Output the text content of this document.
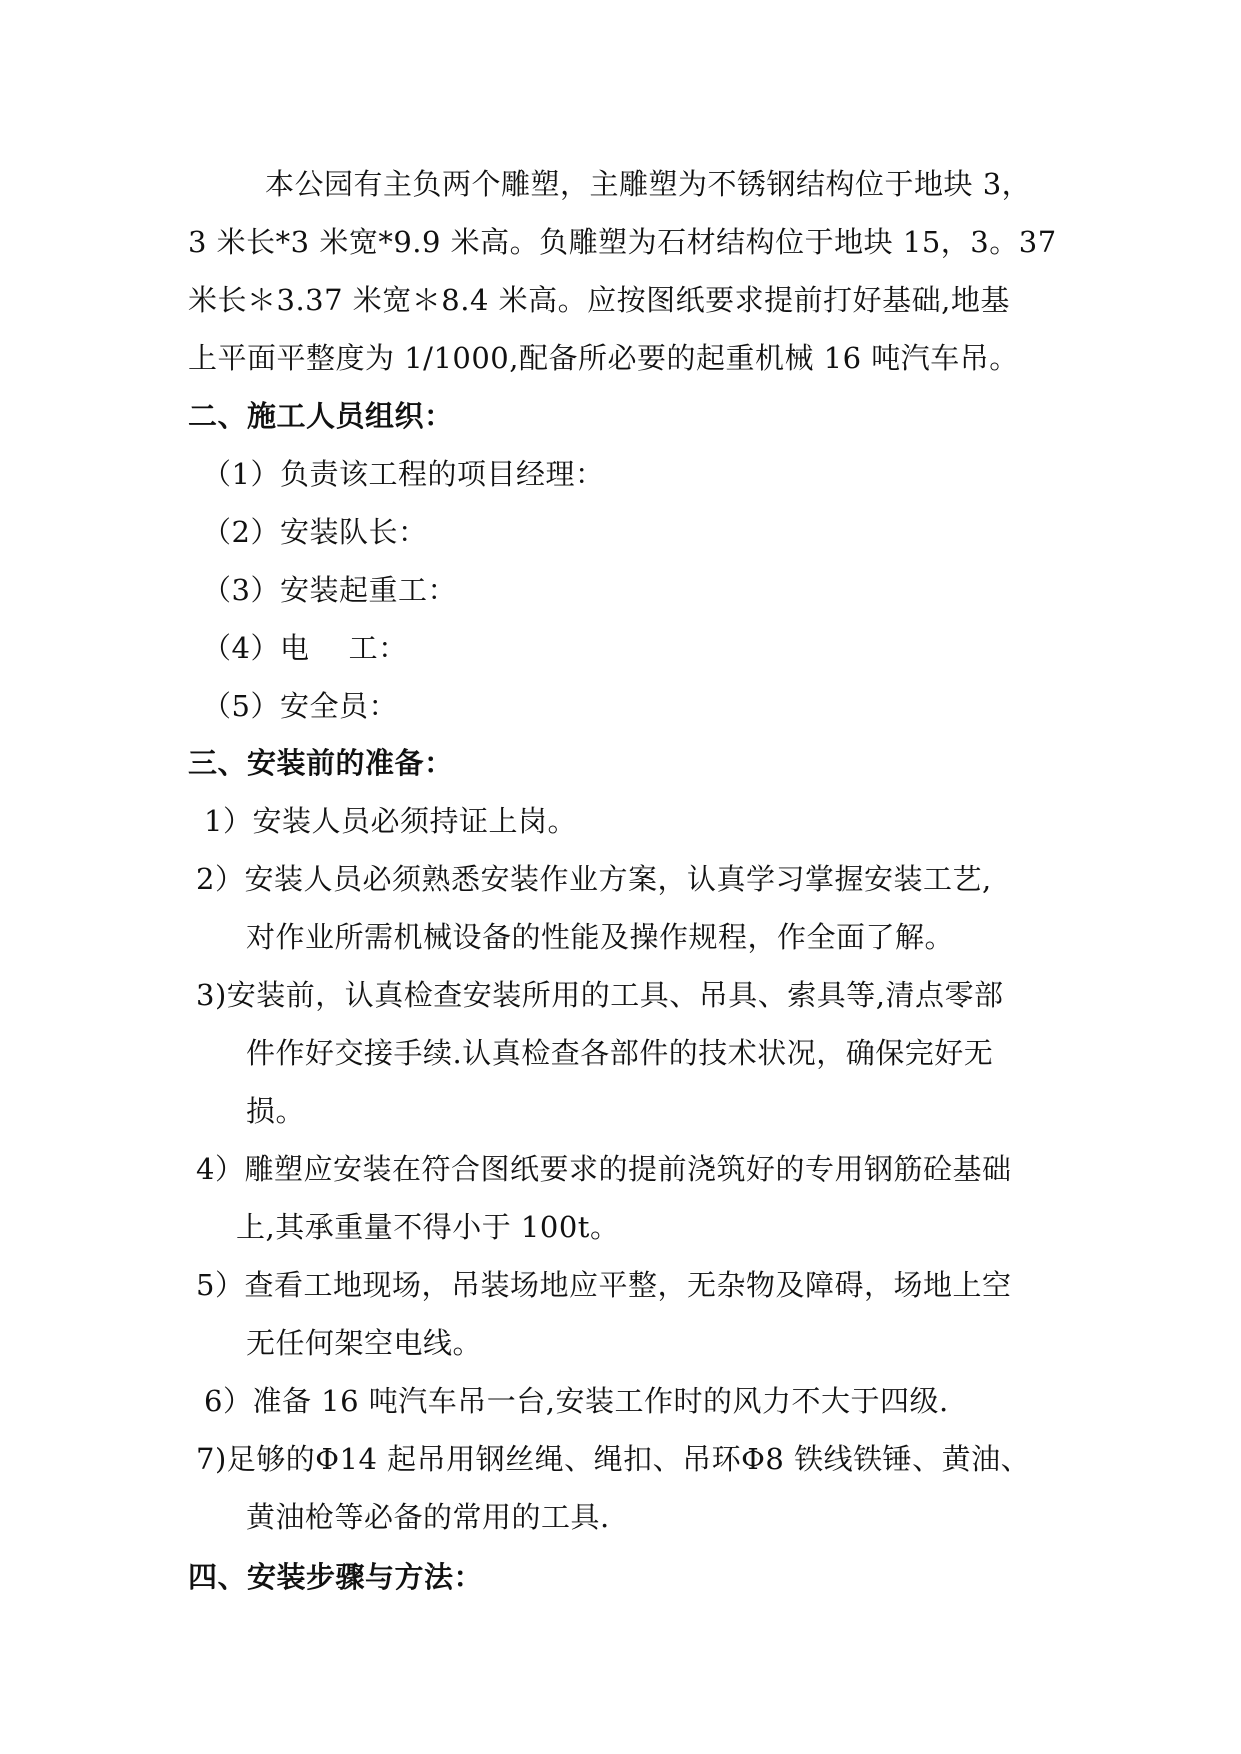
本公园有主负两个雕塑，主雕塑为不锈钢结构位于地块 3，
3 米长*3 米宽*9.9 米高。负雕塑为石材结构位于地块 15，3。37
米长＊3.37 米宽＊8.4 米高。应按图纸要求提前打好基础,地基
上平面平整度为 1/1000,配备所必要的起重机械 16 吨汽车吊。
二、施工人员组织：
（1）负责该工程的项目经理：
（2）安装队长：
（3）安装起重工：
（4）电　 工：
（5）安全员：
三、安装前的准备：
1）安装人员必须持证上岗。
2）安装人员必须熟悉安装作业方案，认真学习掌握安装工艺,
对作业所需机械设备的性能及操作规程，作全面了解。
3)安装前，认真检查安装所用的工具、吊具、索具等,清点零部
件作好交接手续.认真检查各部件的技术状况，确保完好无
损。
4）雕塑应安装在符合图纸要求的提前浇筑好的专用钢筋砼基础
上,其承重量不得小于 100t。
5）查看工地现场，吊装场地应平整，无杂物及障碍，场地上空
无任何架空电线。
6）准备 16 吨汽车吊一台,安装工作时的风力不大于四级.
7)足够的Φ14 起吊用钢丝绳、绳扣、吊环Φ8 铁线铁锤、黄油、
黄油枪等必备的常用的工具.
四、安装步骤与方法：
